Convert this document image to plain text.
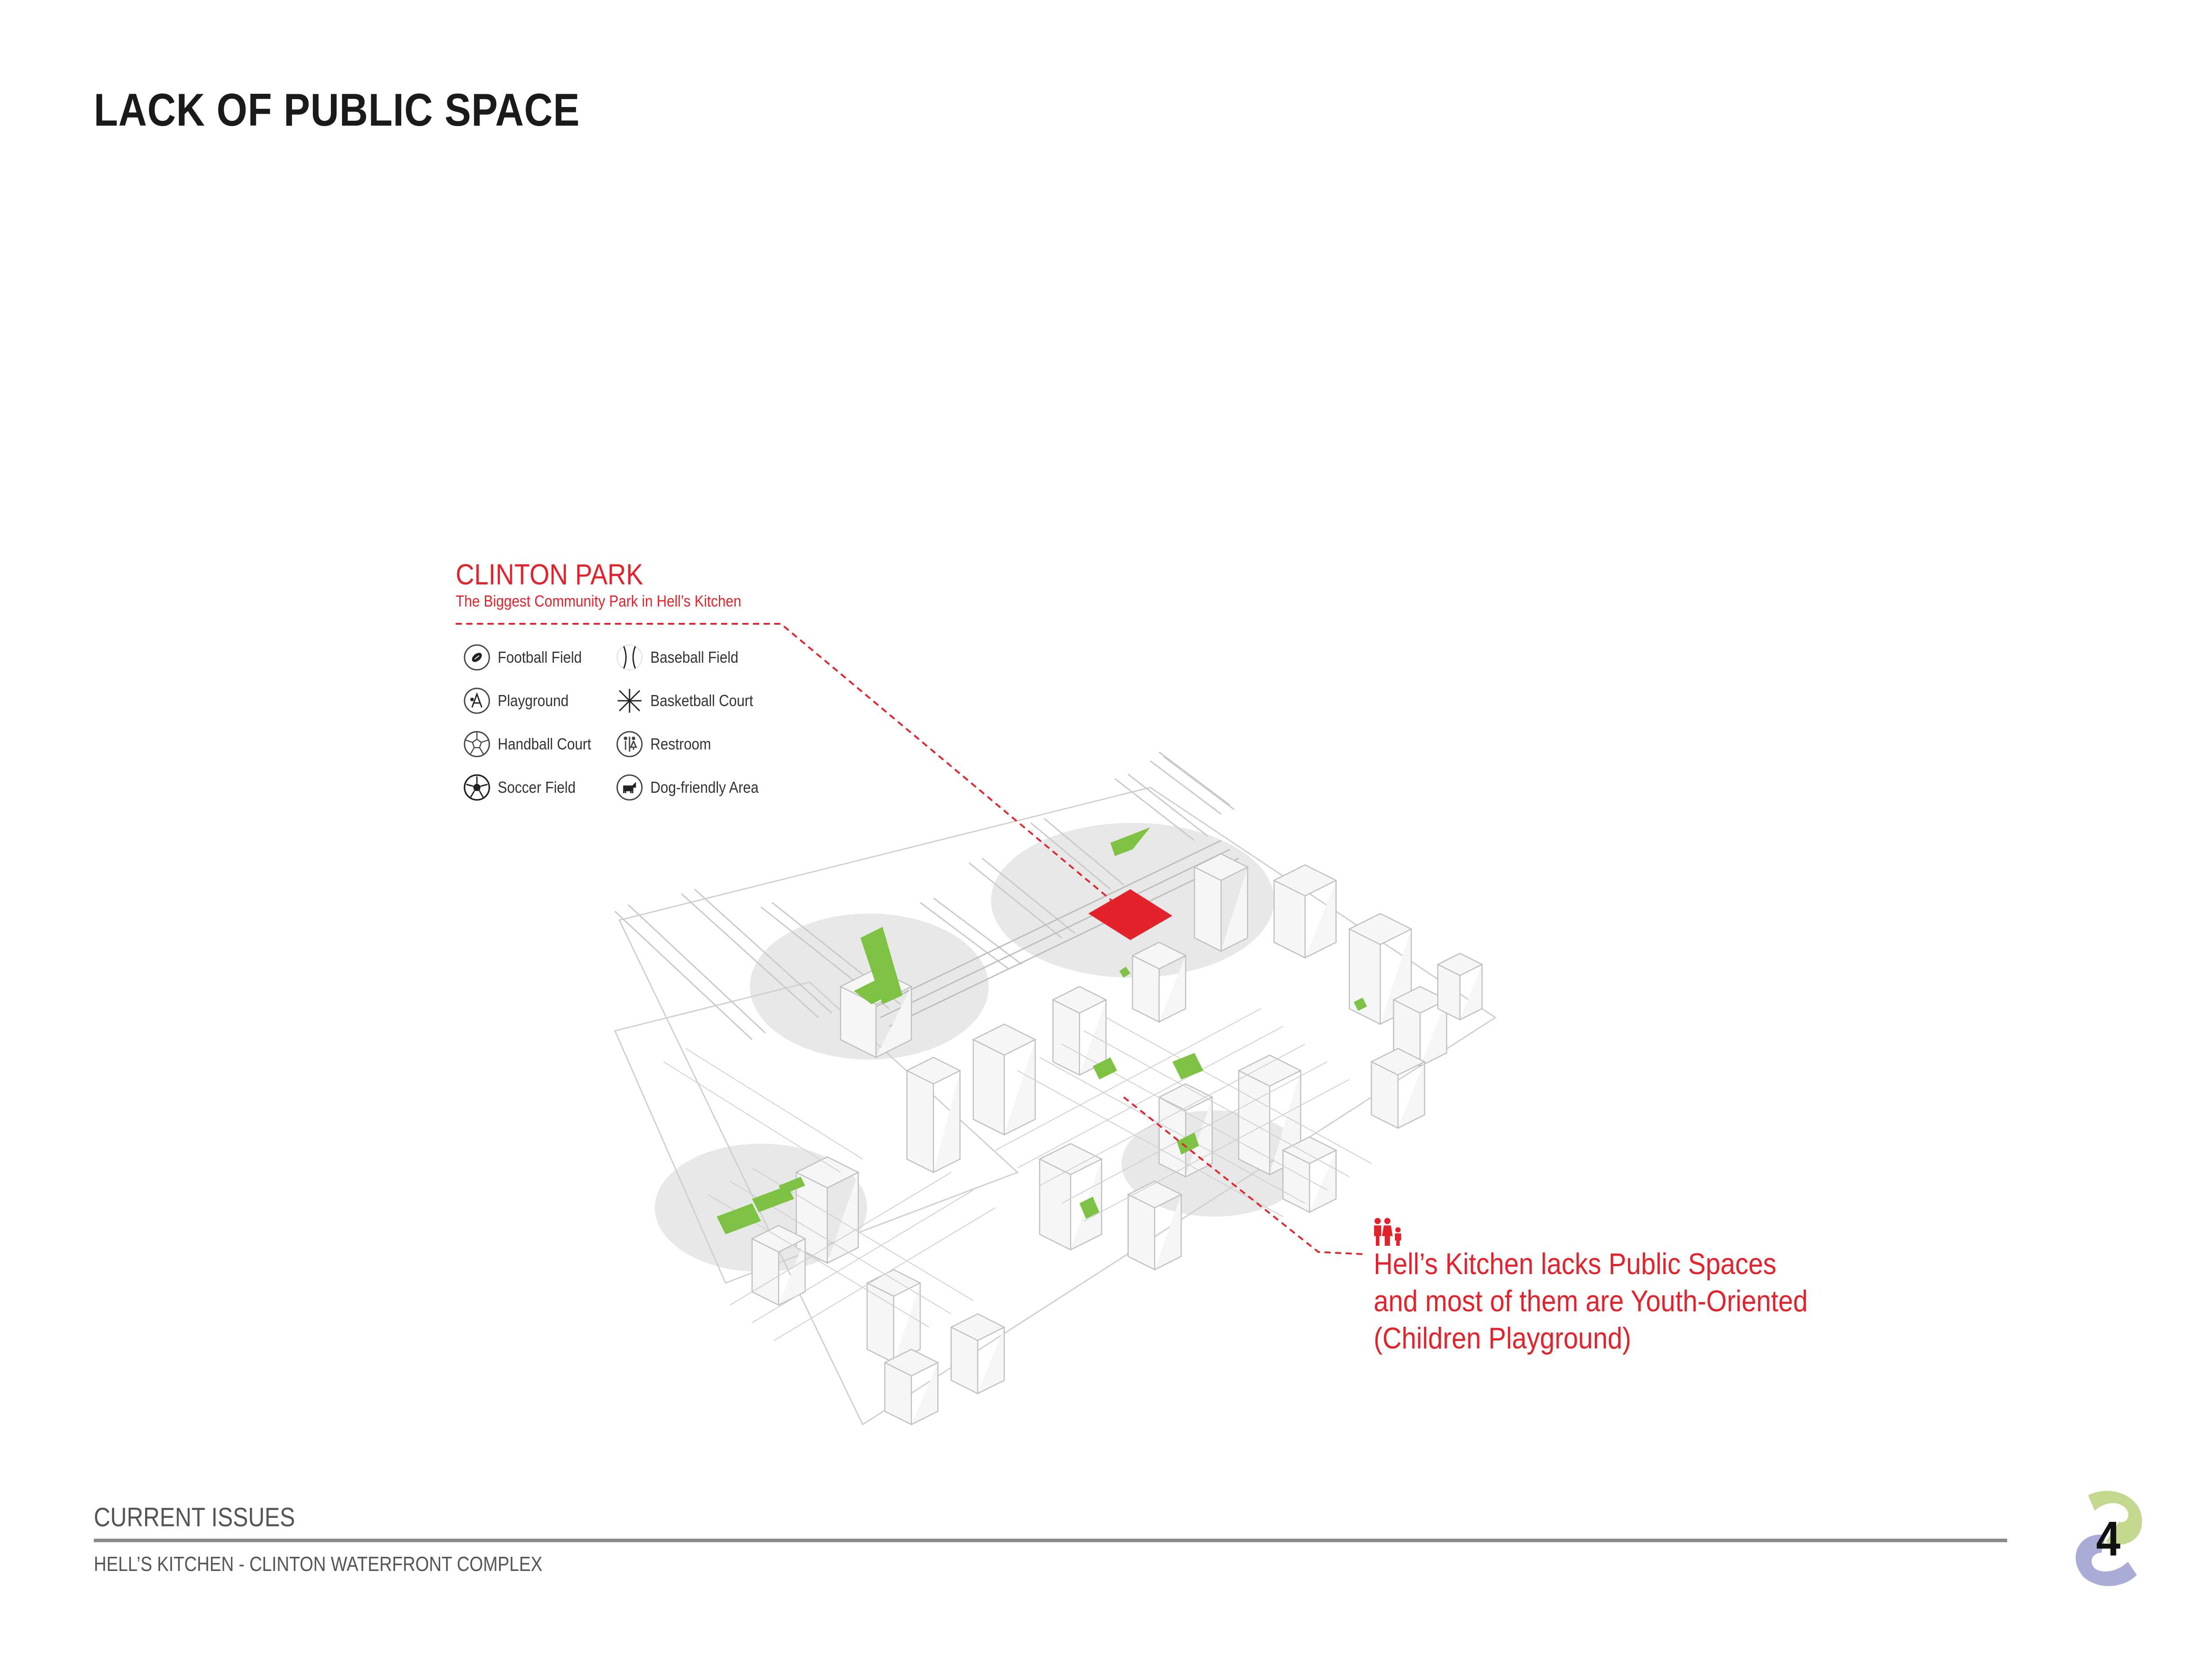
LACK OF PUBLIC SPACE
CLINTON PARK
The Biggest Community Park in Hell’s Kitchen
Football Field	Baseball Field
Playground	Basketball Court
Handball Court	Restroom
Soccer Field	Dog-friendly Area
Hell’s Kitchen lacks Public Spaces
and most of them are Youth-Oriented
(Children Playground)
CURRENT ISSUES
HELL’S KITCHEN - CLINTON WATERFRONT COMPLEX	4
